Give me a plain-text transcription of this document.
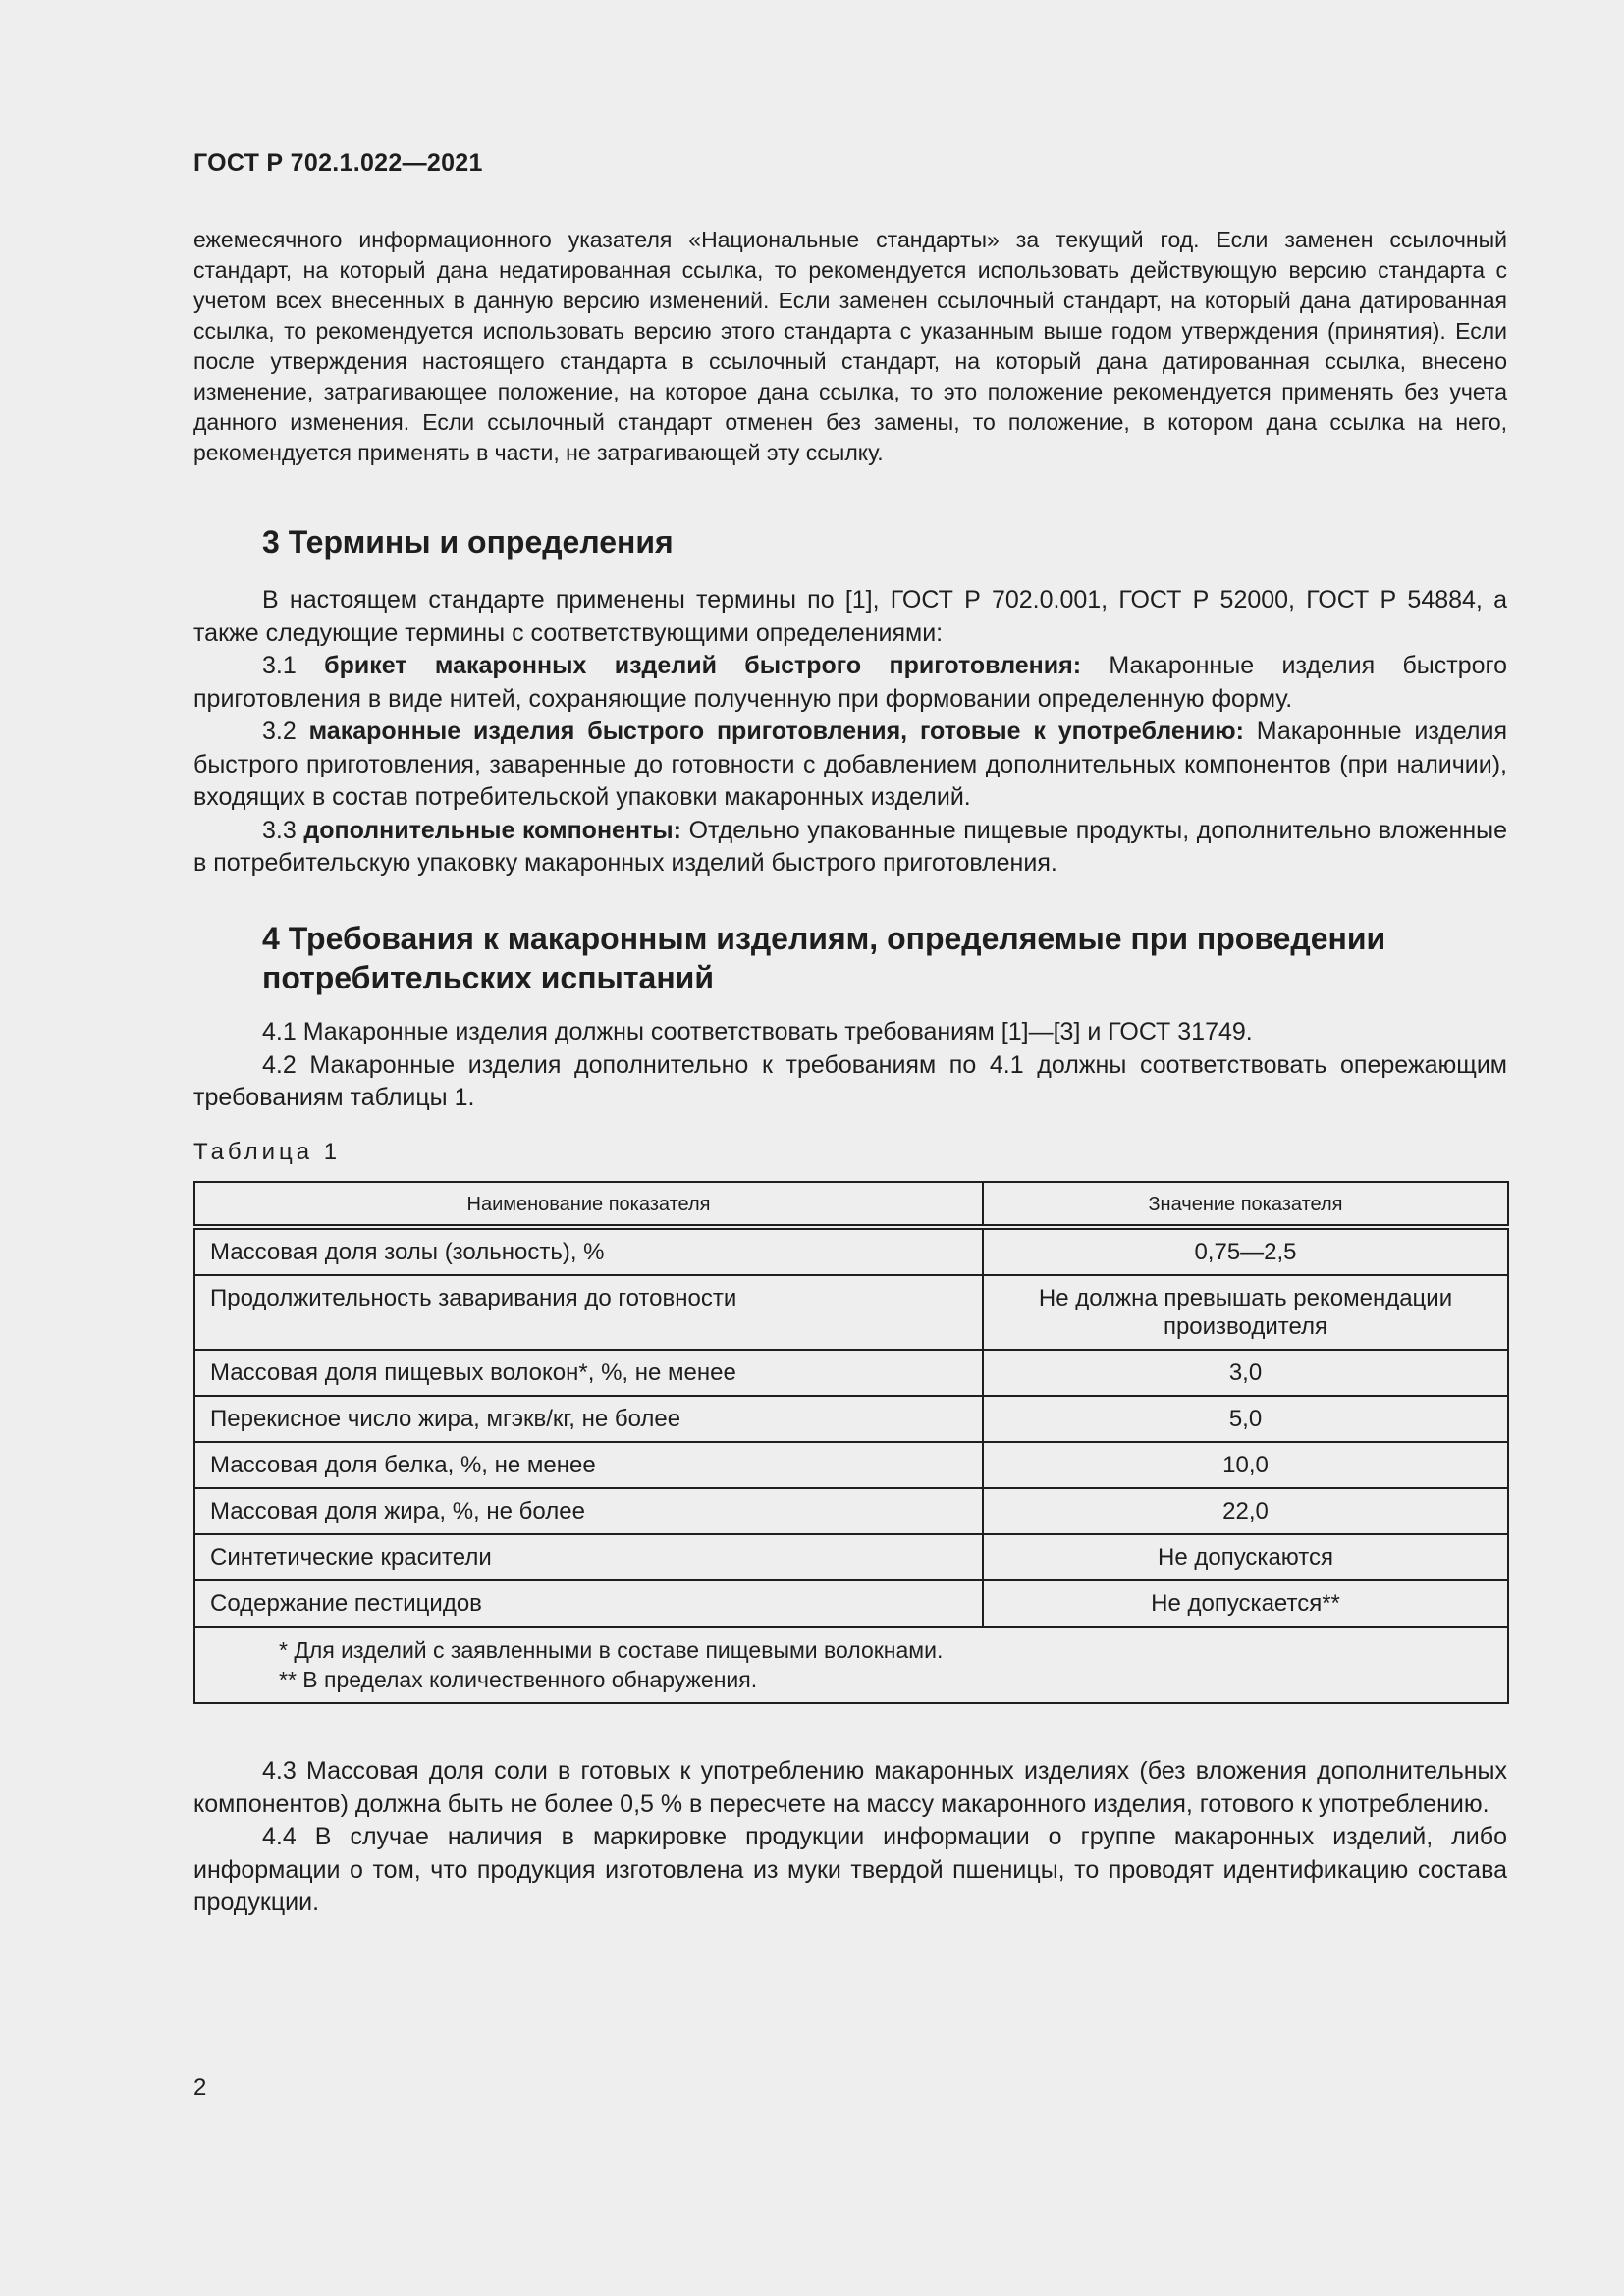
ГОСТ Р 702.1.022—2021

ежемесячного информационного указателя «Национальные стандарты» за текущий год. Если заменен ссылочный стандарт, на который дана недатированная ссылка, то рекомендуется использовать действующую версию стандарта с учетом всех внесенных в данную версию изменений. Если заменен ссылочный стандарт, на который дана датированная ссылка, то рекомендуется использовать версию этого стандарта с указанным выше годом утверждения (принятия). Если после утверждения настоящего стандарта в ссылочный стандарт, на который дана датированная ссылка, внесено изменение, затрагивающее положение, на которое дана ссылка, то это положение рекомендуется применять без учета данного изменения. Если ссылочный стандарт отменен без замены, то положение, в котором дана ссылка на него, рекомендуется применять в части, не затрагивающей эту ссылку.

3 Термины и определения

В настоящем стандарте применены термины по [1], ГОСТ Р 702.0.001, ГОСТ Р 52000, ГОСТ Р 54884, а также следующие термины с соответствующими определениями:

3.1 брикет макаронных изделий быстрого приготовления: Макаронные изделия быстрого приготовления в виде нитей, сохраняющие полученную при формовании определенную форму.

3.2 макаронные изделия быстрого приготовления, готовые к употреблению: Макаронные изделия быстрого приготовления, заваренные до готовности с добавлением дополнительных компонентов (при наличии), входящих в состав потребительской упаковки макаронных изделий.

3.3 дополнительные компоненты: Отдельно упакованные пищевые продукты, дополнительно вложенные в потребительскую упаковку макаронных изделий быстрого приготовления.

4 Требования к макаронным изделиям, определяемые при проведении
потребительских испытаний

4.1 Макаронные изделия должны соответствовать требованиям [1]—[3] и ГОСТ 31749.

4.2 Макаронные изделия дополнительно к требованиям по 4.1 должны соответствовать опережающим требованиям таблицы 1.

Таблица 1
Наименование показателя	Значение показателя
Массовая доля золы (зольность), %	0,75—2,5
Продолжительность заваривания до готовности	Не должна превышать рекомендации производителя
Массовая доля пищевых волокон*, %, не менее	3,0
Перекисное число жира, мгэкв/кг, не более	5,0
Массовая доля белка, %, не менее	10,0
Массовая доля жира, %, не более	22,0
Синтетические красители	Не допускаются
Содержание пестицидов	Не допускается**

* Для изделий с заявленными в составе пищевыми волокнами.
** В пределах количественного обнаружения.	

4.3 Массовая доля соли в готовых к употреблению макаронных изделиях (без вложения дополнительных компонентов) должна быть не более 0,5 % в пересчете на массу макаронного изделия, готового к употреблению.

4.4 В случае наличия в маркировке продукции информации о группе макаронных изделий, либо информации о том, что продукция изготовлена из муки твердой пшеницы, то проводят идентификацию состава продукции.

2
